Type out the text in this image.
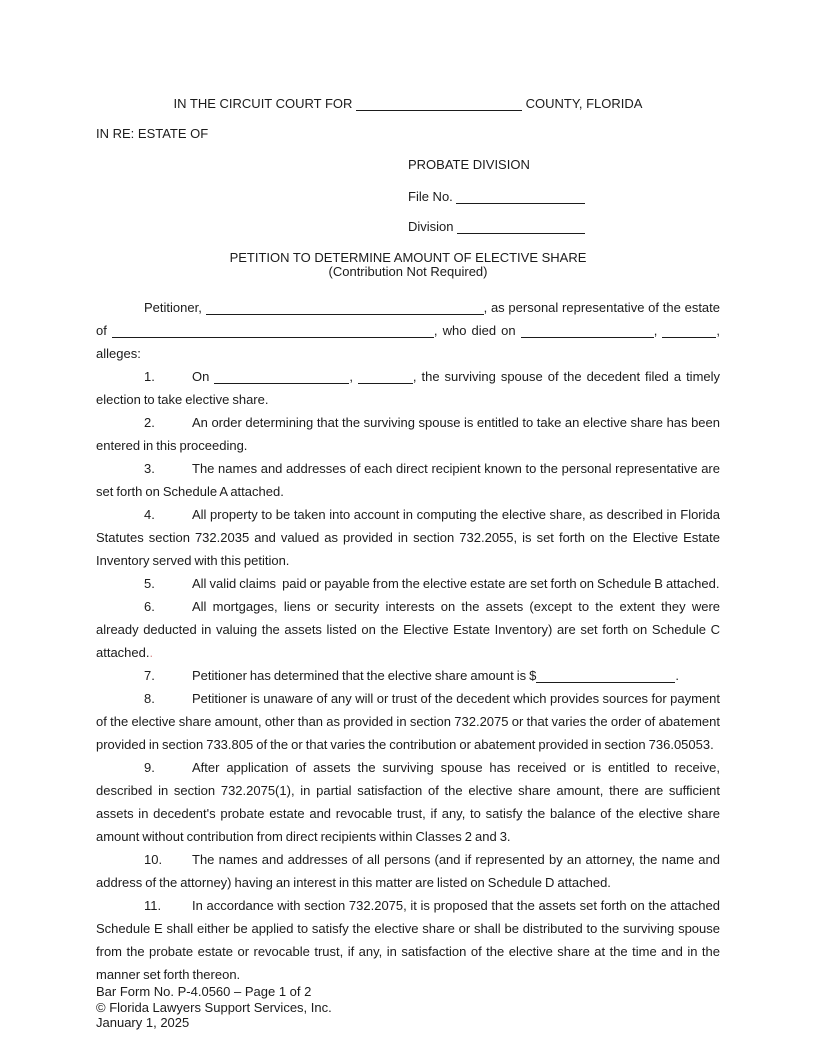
IN THE CIRCUIT COURT FOR	COUNTY, FLORIDA
IN RE: ESTATE OF
PROBATE DIVISION
File No.
Division
PETITION TO DETERMINE AMOUNT OF ELECTIVE SHARE
(Contribution Not Required)

Petitioner,	, as personal representative of the estate of	, who died on	,	, alleges:

1.	On	,	, the surviving spouse of the decedent filed a timely election to take elective share.

2.	An order determining that the surviving spouse is entitled to take an elective share has been entered in this proceeding.

3.	The names and addresses of each direct recipient known to the personal representative are set forth on Schedule A attached.

4.	All property to be taken into account in computing the elective share, as described in Florida Statutes section 732.2035 and valued as provided in section 732.2055, is set forth on the Elective Estate Inventory served with this petition.

5.	All valid claims  paid or payable from the elective estate are set forth on Schedule B attached.

6.	All mortgages, liens or security interests on the assets (except to the extent they were already deducted in valuing the assets listed on the Elective Estate Inventory) are set forth on Schedule C attached..

7.	Petitioner has determined that the elective share amount is $	.

8.	Petitioner is unaware of any will or trust of the decedent which provides sources for payment of the elective share amount, other than as provided in section 732.2075 or that varies the order of abatement provided in section 733.805 of the or that varies the contribution or abatement provided in section 736.05053.

9.	After application of assets the surviving spouse has received or is entitled to receive, described in section 732.2075(1), in partial satisfaction of the elective share amount, there are sufficient assets in decedent's probate estate and revocable trust, if any, to satisfy the balance of the elective share amount without contribution from direct recipients within Classes 2 and 3.

10. The names and addresses of all persons (and if represented by an attorney, the name and address of the attorney) having an interest in this matter are listed on Schedule D attached.

11. In accordance with section 732.2075, it is proposed that the assets set forth on the attached Schedule E shall either be applied to satisfy the elective share or shall be distributed to the surviving spouse from the probate estate or revocable trust, if any, in satisfaction of the elective share at the time and in the manner set forth thereon.

Bar Form No. P-4.0560 – Page 1 of 2
© Florida Lawyers Support Services, Inc.
January 1, 2025
